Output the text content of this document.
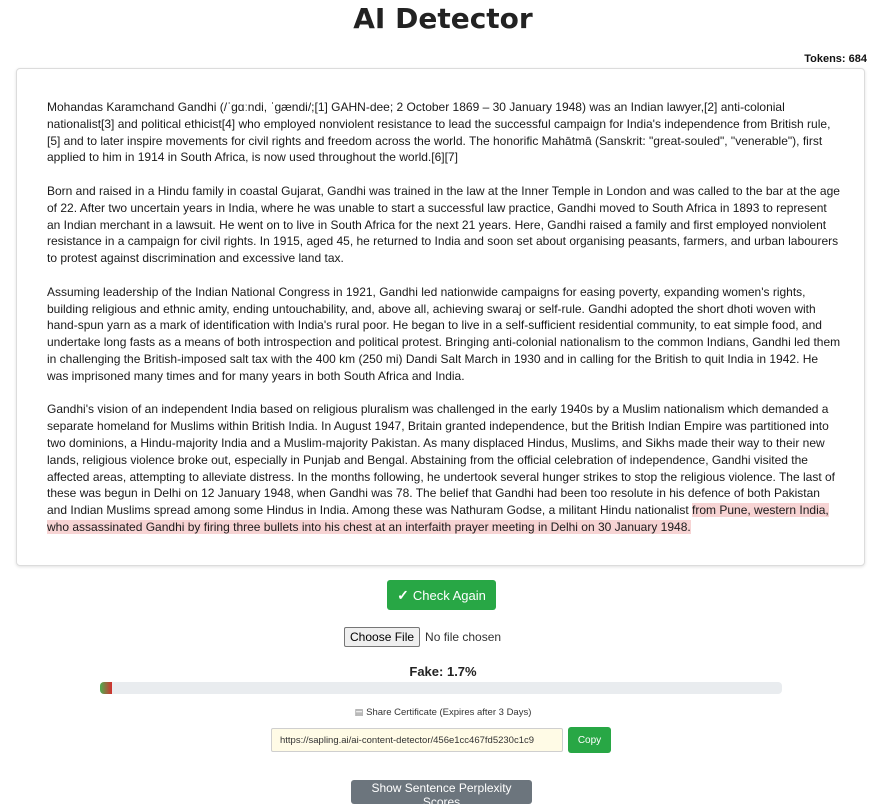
AI Detector
Tokens: 684

Mohandas Karamchand Gandhi (/ˈɡɑːndi, ˈɡændi/;[1] GAHN-dee; 2 October 1869 – 30 January 1948) was an Indian lawyer,[2] anti-colonial nationalist[3] and political ethicist[4] who employed nonviolent resistance to lead the successful campaign for India's independence from British rule,[5] and to later inspire movements for civil rights and freedom across the world. The honorific Mahātmā (Sanskrit: "great-souled", "venerable"), first applied to him in 1914 in South Africa, is now used throughout the world.[6][7]

Born and raised in a Hindu family in coastal Gujarat, Gandhi was trained in the law at the Inner Temple in London and was called to the bar at the age of 22. After two uncertain years in India, where he was unable to start a successful law practice, Gandhi moved to South Africa in 1893 to represent an Indian merchant in a lawsuit. He went on to live in South Africa for the next 21 years. Here, Gandhi raised a family and first employed nonviolent resistance in a campaign for civil rights. In 1915, aged 45, he returned to India and soon set about organising peasants, farmers, and urban labourers to protest against discrimination and excessive land tax.

Assuming leadership of the Indian National Congress in 1921, Gandhi led nationwide campaigns for easing poverty, expanding women's rights, building religious and ethnic amity, ending untouchability, and, above all, achieving swaraj or self-rule. Gandhi adopted the short dhoti woven with hand-spun yarn as a mark of identification with India's rural poor. He began to live in a self-sufficient residential community, to eat simple food, and undertake long fasts as a means of both introspection and political protest. Bringing anti-colonial nationalism to the common Indians, Gandhi led them in challenging the British-imposed salt tax with the 400 km (250 mi) Dandi Salt March in 1930 and in calling for the British to quit India in 1942. He was imprisoned many times and for many years in both South Africa and India.

Gandhi's vision of an independent India based on religious pluralism was challenged in the early 1940s by a Muslim nationalism which demanded a separate homeland for Muslims within British India. In August 1947, Britain granted independence, but the British Indian Empire was partitioned into two dominions, a Hindu-majority India and a Muslim-majority Pakistan. As many displaced Hindus, Muslims, and Sikhs made their way to their new lands, religious violence broke out, especially in Punjab and Bengal. Abstaining from the official celebration of independence, Gandhi visited the affected areas, attempting to alleviate distress. In the months following, he undertook several hunger strikes to stop the religious violence. The last of these was begun in Delhi on 12 January 1948, when Gandhi was 78. The belief that Gandhi had been too resolute in his defence of both Pakistan and Indian Muslims spread among some Hindus in India. Among these was Nathuram Godse, a militant Hindu nationalist from Pune, western India, who assassinated Gandhi by firing three bullets into his chest at an interfaith prayer meeting in Delhi on 30 January 1948.

✓ Check Again
Choose File No file chosen
Fake: 1.7%
▤ Share Certificate (Expires after 3 Days)
https://sapling.ai/ai-content-detector/456e1cc467fd5230c1c9
Copy
Show Sentence Perplexity Scores
